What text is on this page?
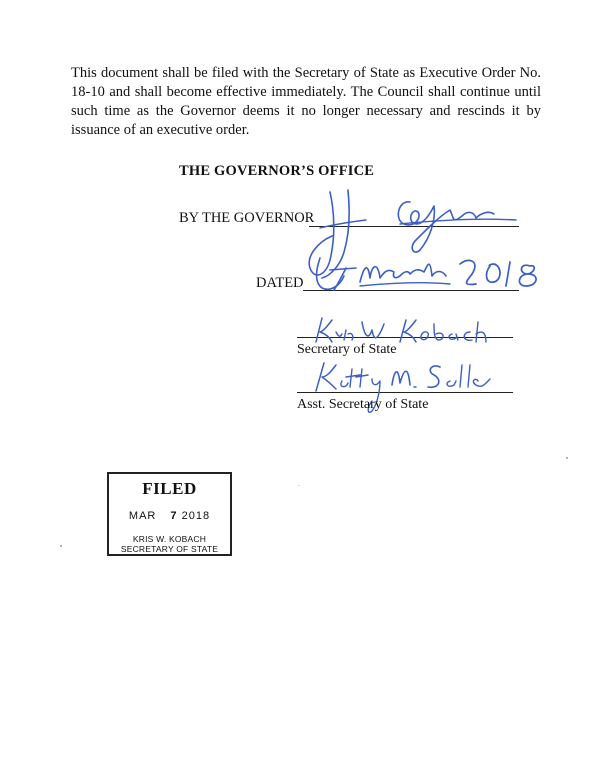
This document shall be filed with the Secretary of State as Executive Order No. 18-10 and shall become effective immediately. The Council shall continue until such time as the Governor deems it no longer necessary and rescinds it by issuance of an executive order.

THE GOVERNOR’S OFFICE
BY THE GOVERNOR
DATED
Secretary of State
Asst. Secretary of State
FILED
MAR 7 2018
KRIS W. KOBACH
SECRETARY OF STATE
